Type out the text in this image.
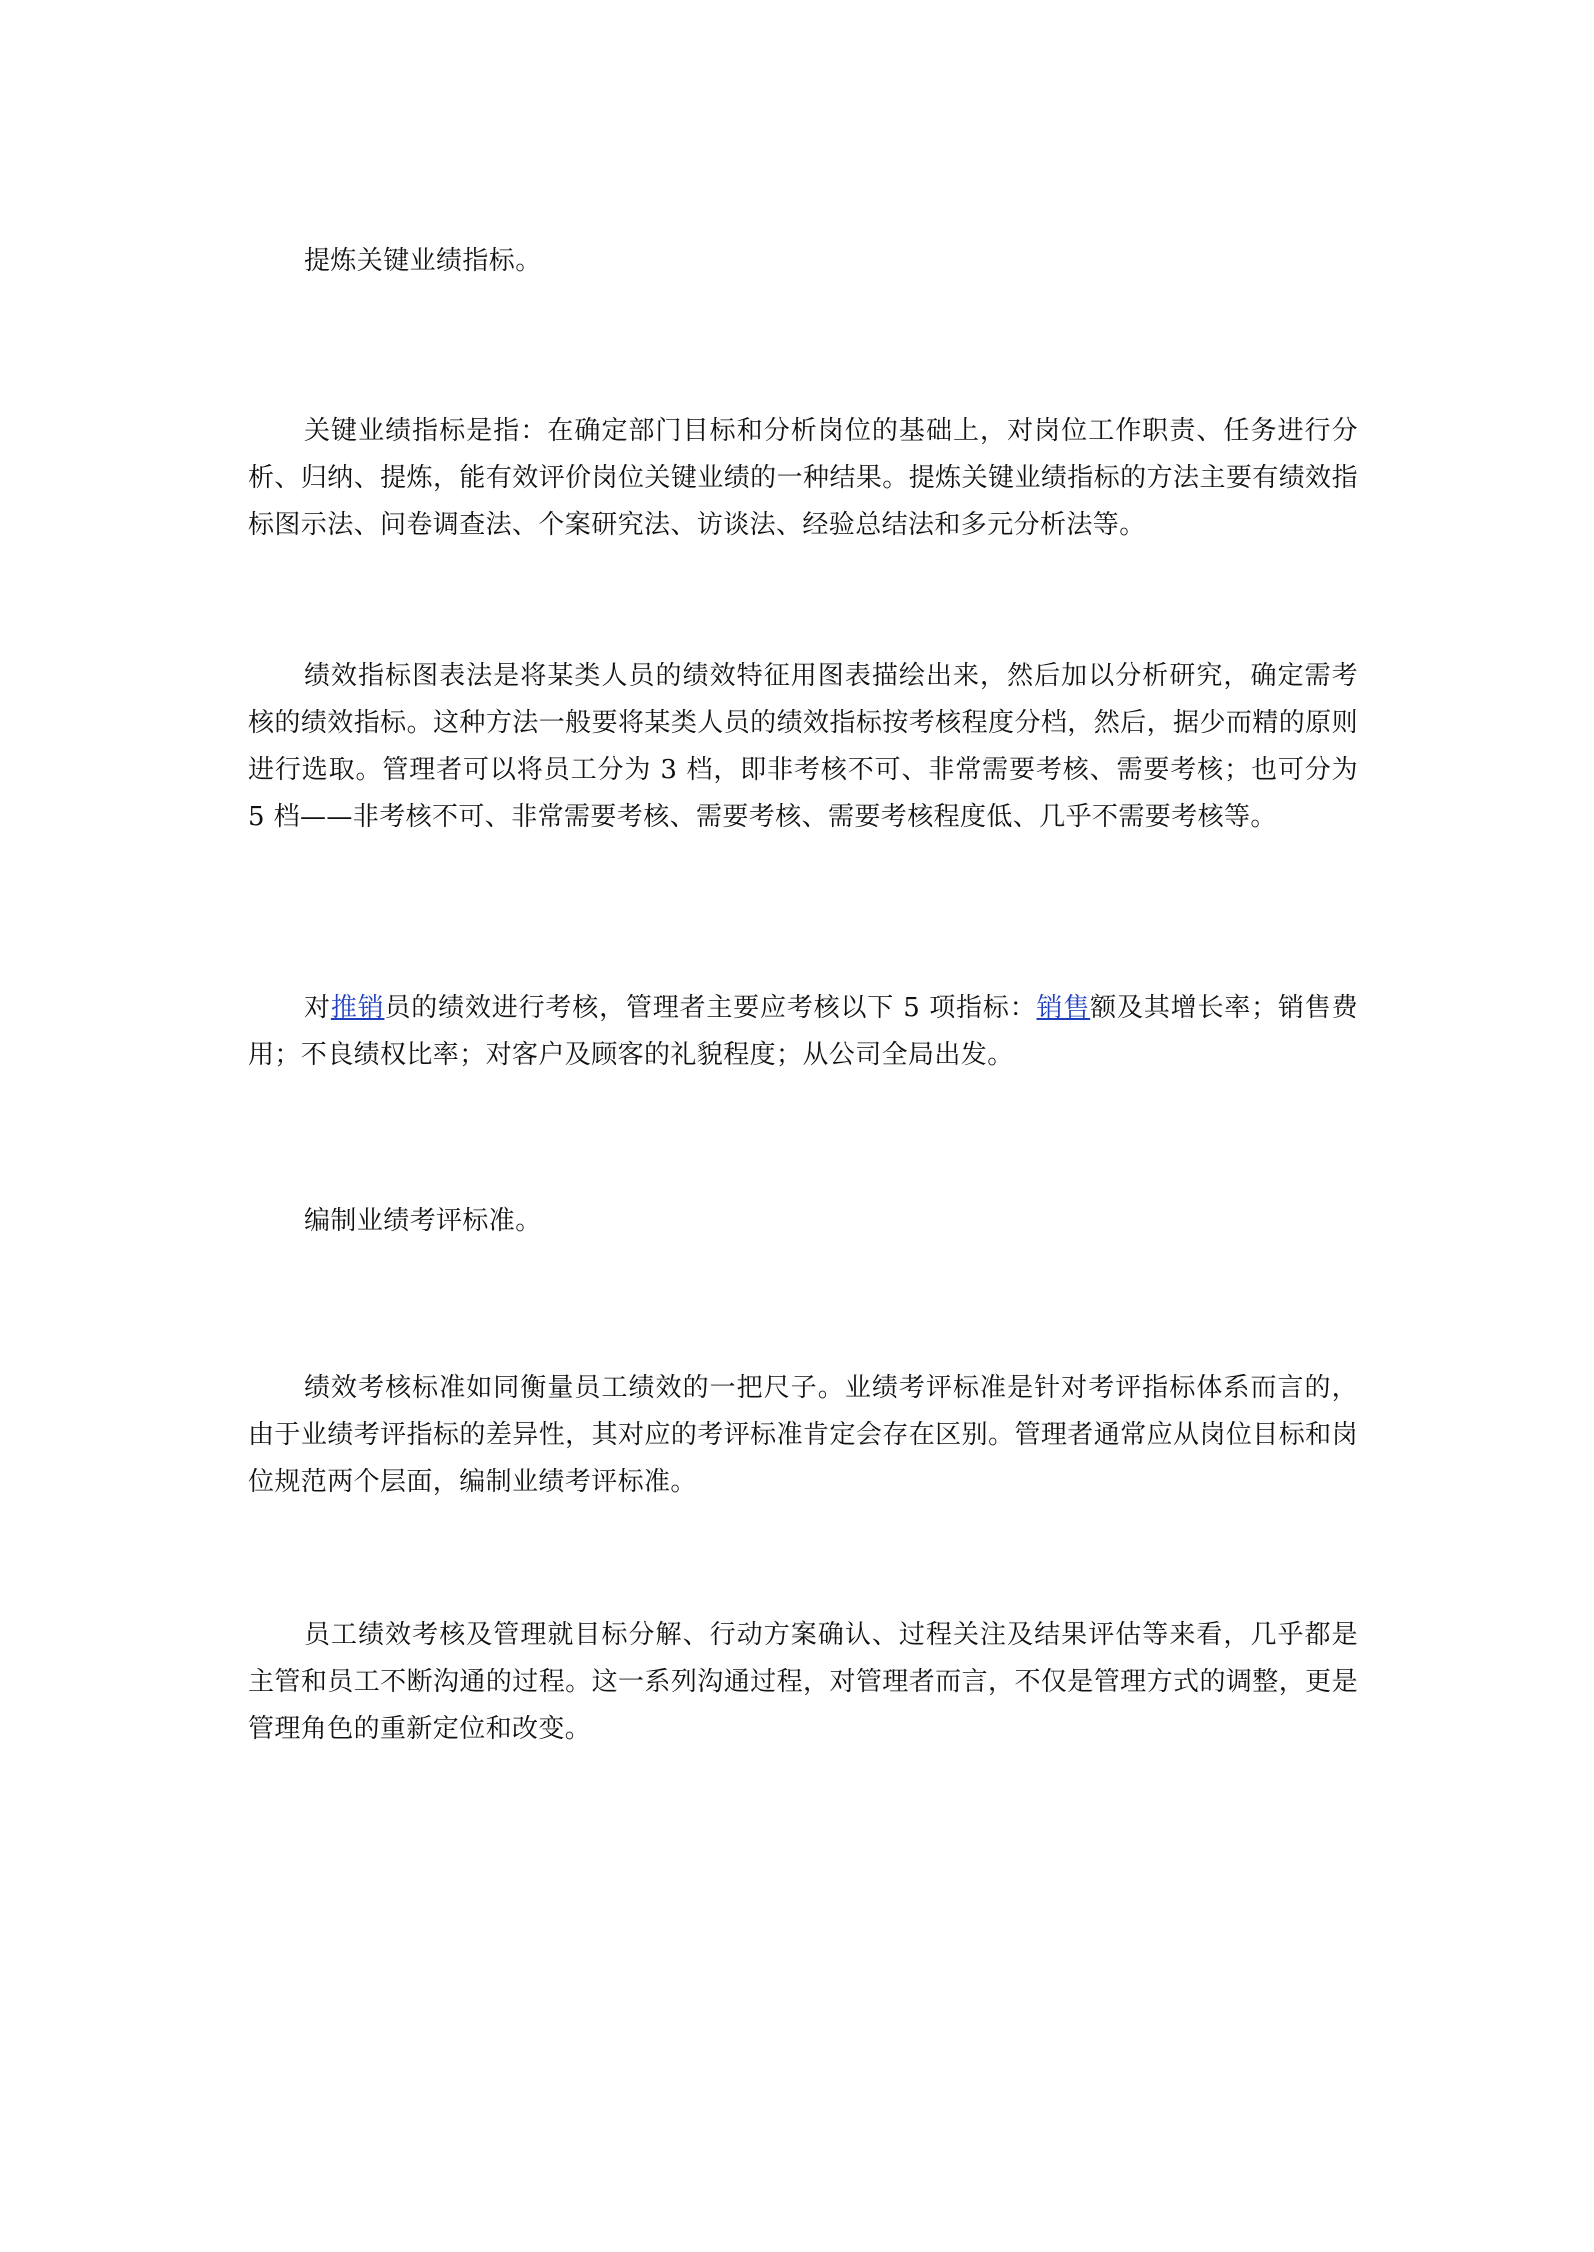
提炼关键业绩指标。

关键业绩指标是指：在确定部门目标和分析岗位的基础上，对岗位工作职责、任务进行分析、归纳、提炼，能有效评价岗位关键业绩的一种结果。提炼关键业绩指标的方法主要有绩效指标图示法、问卷调查法、个案研究法、访谈法、经验总结法和多元分析法等。

绩效指标图表法是将某类人员的绩效特征用图表描绘出来，然后加以分析研究，确定需考核的绩效指标。这种方法一般要将某类人员的绩效指标按考核程度分档，然后，据少而精的原则进行选取。管理者可以将员工分为 3 档，即非考核不可、非常需要考核、需要考核；也可分为 5 档——非考核不可、非常需要考核、需要考核、需要考核程度低、几乎不需要考核等。

对推销员的绩效进行考核，管理者主要应考核以下 5 项指标：销售额及其增长率；销售费用；不良绩权比率；对客户及顾客的礼貌程度；从公司全局出发。

编制业绩考评标准。

绩效考核标准如同衡量员工绩效的一把尺子。业绩考评标准是针对考评指标体系而言的，由于业绩考评指标的差异性，其对应的考评标准肯定会存在区别。管理者通常应从岗位目标和岗位规范两个层面，编制业绩考评标准。

员工绩效考核及管理就目标分解、行动方案确认、过程关注及结果评估等来看，几乎都是主管和员工不断沟通的过程。这一系列沟通过程，对管理者而言，不仅是管理方式的调整，更是管理角色的重新定位和改变。
